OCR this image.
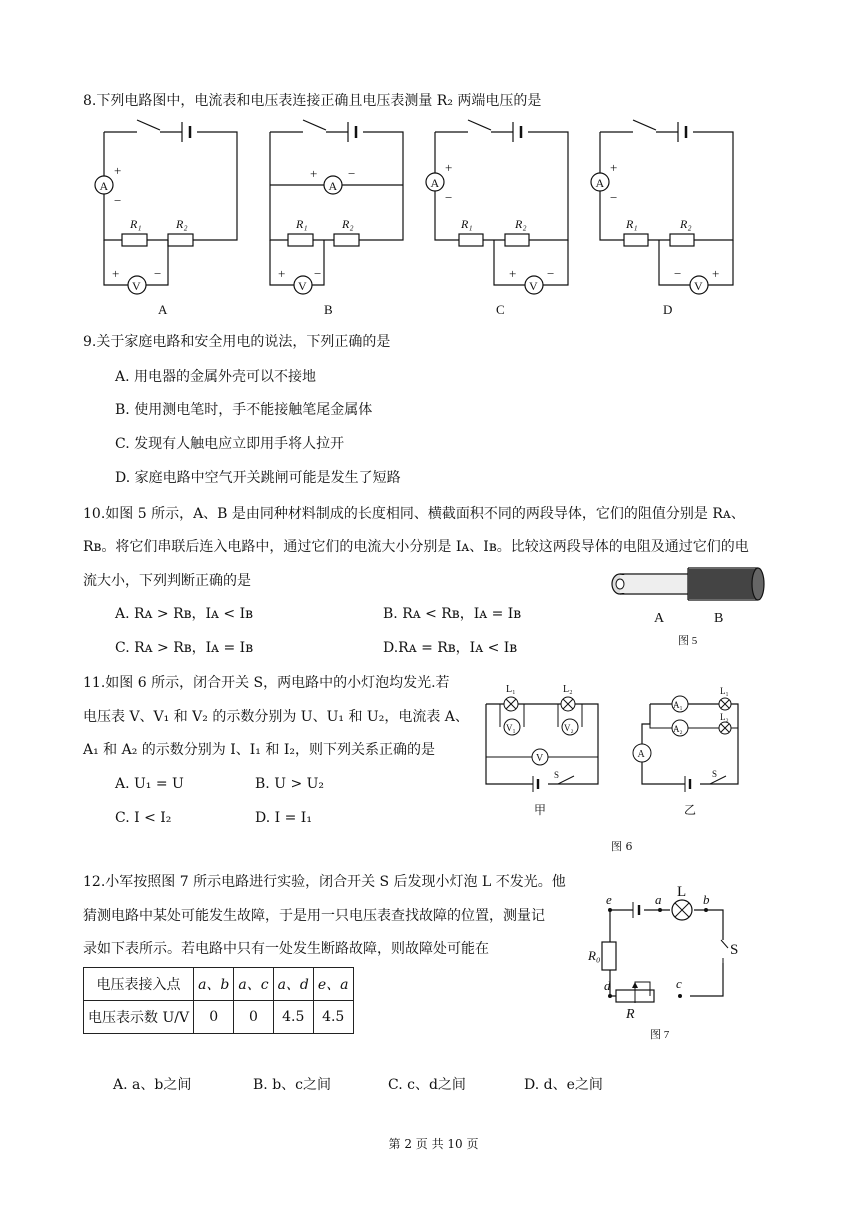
8.下列电路图中，电流表和电压表连接正确且电压表测量 R₂ 两端电压的是
A
R₁	R₂
V
+
−
+	−
A
A
+ −
R₁	R₂
V
+ −
B
A
+
−
R₁	R₂
V
+ −
C
A
+
−
R₁	R₂
V
− +
D
9.关于家庭电路和安全用电的说法，下列正确的是
A. 用电器的金属外壳可以不接地
B. 使用测电笔时，手不能接触笔尾金属体
C. 发现有人触电应立即用手将人拉开
D. 家庭电路中空气开关跳闸可能是发生了短路
10.如图 5 所示，A、B 是由同种材料制成的长度相同、横截面积不同的两段导体，它们的阻值分别是 Rᴀ、
Rʙ。将它们串联后连入电路中，通过它们的电流大小分别是 Iᴀ、Iʙ。比较这两段导体的电阻及通过它们的电
流大小，下列判断正确的是
A. Rᴀ > Rʙ，Iᴀ < Iʙ	B. Rᴀ < Rʙ，Iᴀ = Iʙ
C. Rᴀ > Rʙ，Iᴀ = Iʙ	D.Rᴀ = Rʙ，Iᴀ < Iʙ
A	B
图 5
11.如图 6 所示，闭合开关 S，两电路中的小灯泡均发光.若
电压表 V、V₁ 和 V₂ 的示数分别为 U、U₁ 和 U₂，电流表 A、
A₁ 和 A₂ 的示数分别为 I、I₁ 和 I₂，则下列关系正确的是
A. U₁ = U	B. U > U₂
C. I < I₂	D. I = I₁
S
L₁	L₂
V₁	V₂
V
甲
S
A
A₁
A₂
L₁
L₂
乙
图 6
12.小军按照图 7 所示电路进行实验，闭合开关 S 后发现小灯泡 L 不发光。他
猜测电路中某处可能发生故障，于是用一只电压表查找故障的位置，测量记
录如下表所示。若电路中只有一处发生断路故障，则故障处可能在
电压表接入点	a、b	a、c	a、d	e、a
电压表示数 U/V	0	0	4.5	4.5
e	a	b
c
d
L
S
R₀
R
图 7
A. a、b之间	B. b、c之间	C. c、d之间	D. d、e之间
第 2 页 共 10 页
